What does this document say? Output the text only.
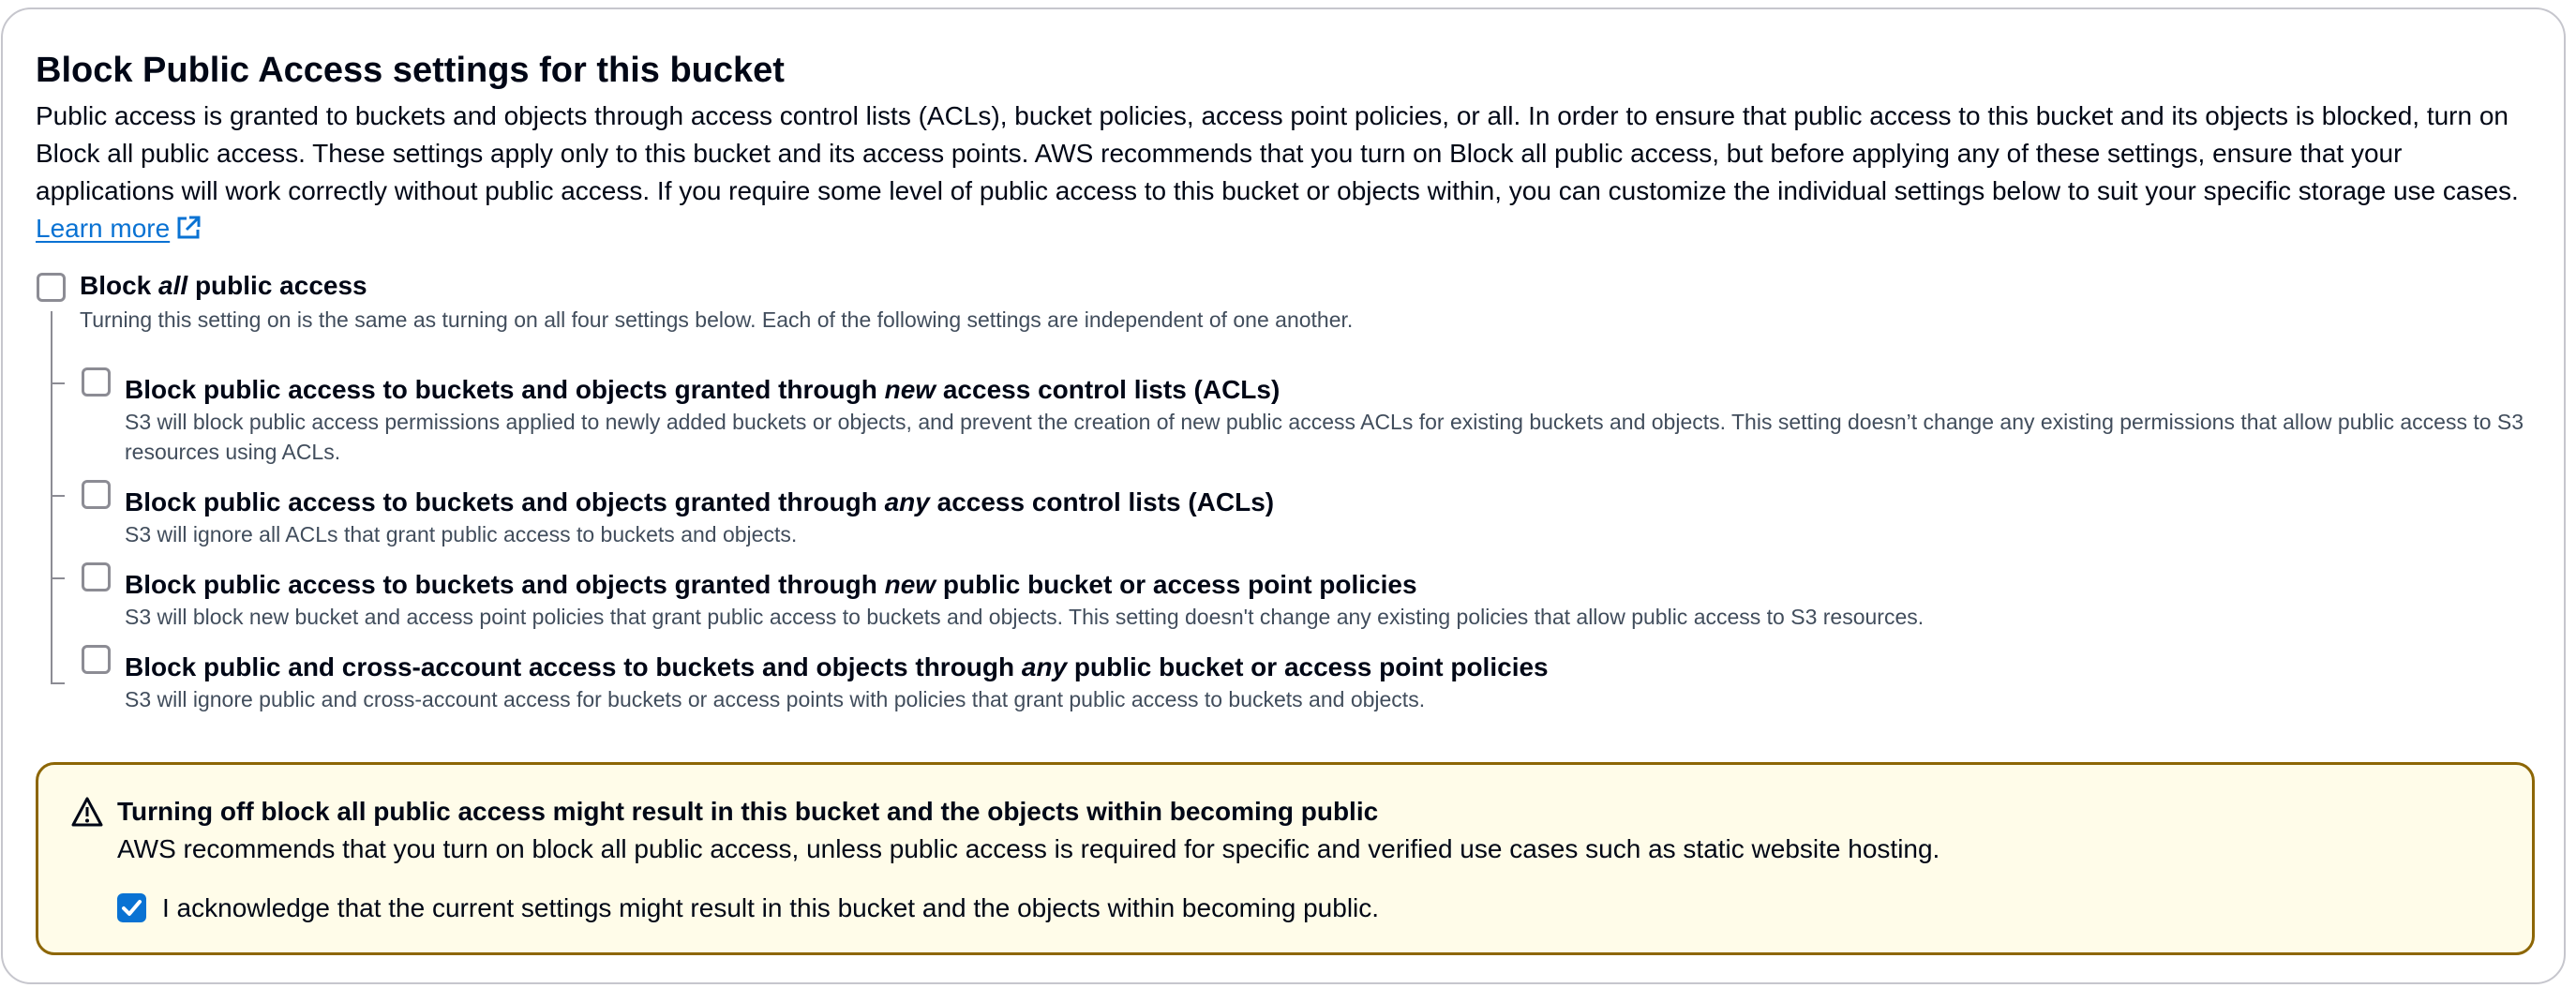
Block Public Access settings for this bucket

Public access is granted to buckets and objects through access control lists (ACLs), bucket policies, access point policies, or all. In order to ensure that public access to this bucket and its objects is blocked, turn on Block all public access. These settings apply only to this bucket and its access points. AWS recommends that you turn on Block all public access, but before applying any of these settings, ensure that your applications will work correctly without public access. If you require some level of public access to this bucket or objects within, you can customize the individual settings below to suit your specific storage use cases. Learn more

Block all public access
Turning this setting on is the same as turning on all four settings below. Each of the following settings are independent of one another.
Block public access to buckets and objects granted through new access control lists (ACLs)
S3 will block public access permissions applied to newly added buckets or objects, and prevent the creation of new public access ACLs for existing buckets and objects. This setting doesn’t change any existing permissions that allow public access to S3 resources using ACLs.
Block public access to buckets and objects granted through any access control lists (ACLs)
S3 will ignore all ACLs that grant public access to buckets and objects.
Block public access to buckets and objects granted through new public bucket or access point policies
S3 will block new bucket and access point policies that grant public access to buckets and objects. This setting doesn't change any existing policies that allow public access to S3 resources.
Block public and cross-account access to buckets and objects through any public bucket or access point policies
S3 will ignore public and cross-account access for buckets or access points with policies that grant public access to buckets and objects.
Turning off block all public access might result in this bucket and the objects within becoming public
AWS recommends that you turn on block all public access, unless public access is required for specific and verified use cases such as static website hosting.
I acknowledge that the current settings might result in this bucket and the objects within becoming public.
